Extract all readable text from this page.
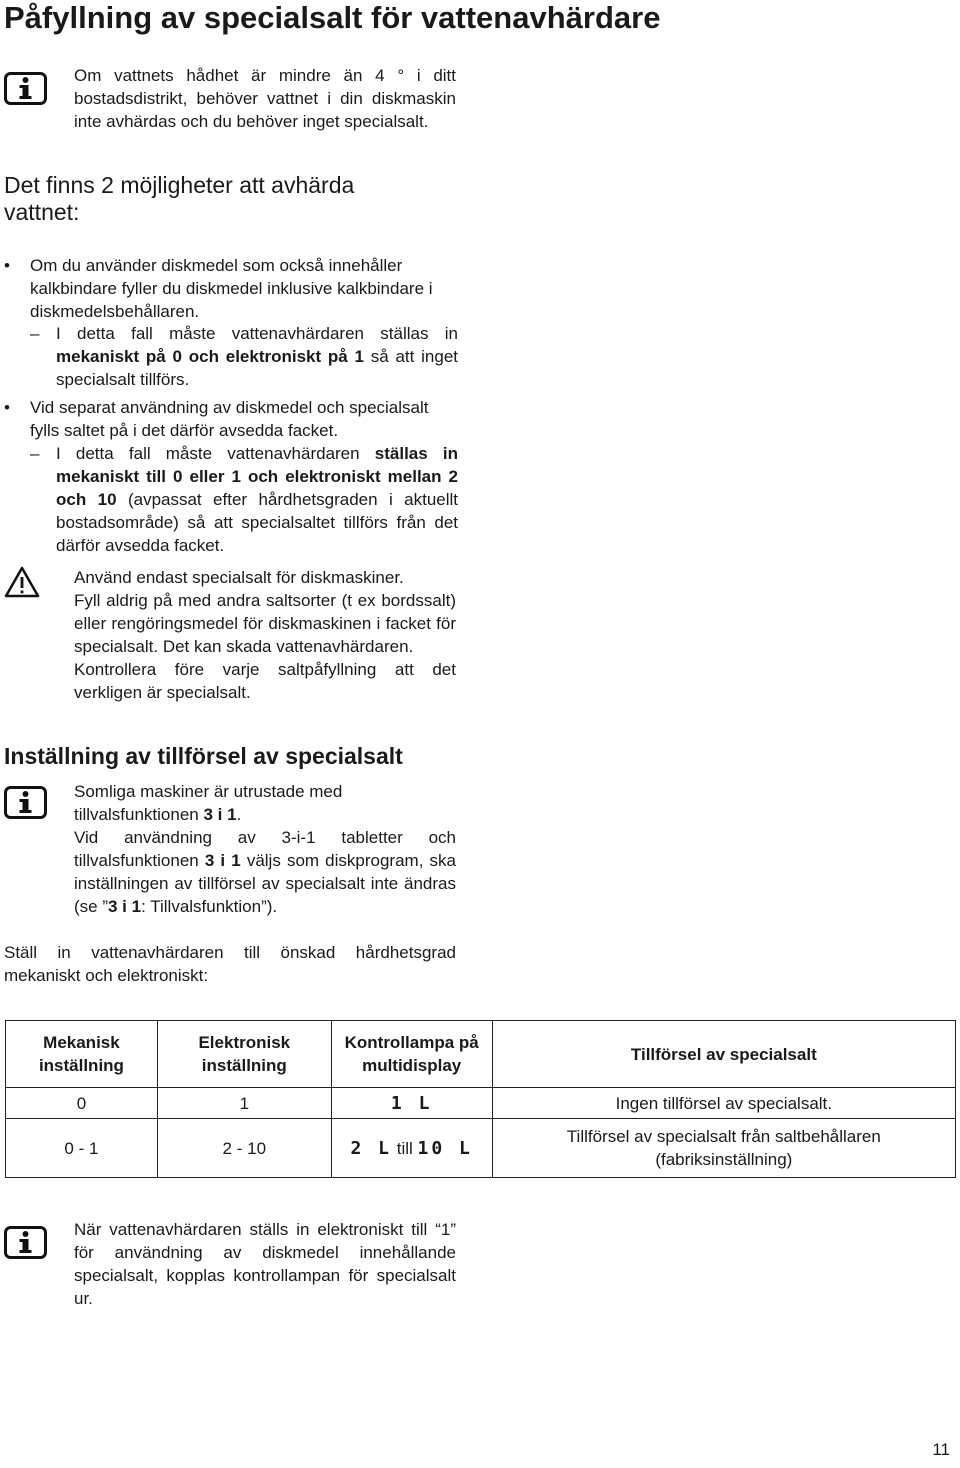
Påfyllning av specialsalt för vattenavhärdare

Om vattnets hådhet är mindre än 4 ° i ditt bostadsdistrikt, behöver vattnet i din diskmaskin inte avhärdas och du behöver inget specialsalt.

Det finns 2 möjligheter att avhärda vattnet:
• Om du använder diskmedel som också innehåller kalkbindare fyller du diskmedel inklusive kalkbindare i diskmedelsbehållaren.

– I detta fall måste vattenavhärdaren ställas in mekaniskt på 0 och elektroniskt på 1 så att inget specialsalt tillförs.

• Vid separat användning av diskmedel och specialsalt fylls saltet på i det därför avsedda facket.

– I detta fall måste vattenavhärdaren ställas in mekaniskt till 0 eller 1 och elektroniskt mellan 2 och 10 (avpassat efter hårdhetsgraden i aktuellt bostadsområde) så att specialsaltet tillförs från det därför avsedda facket.

Använd endast specialsalt för diskmaskiner.

Fyll aldrig på med andra saltsorter (t ex bordssalt) eller rengöringsmedel för diskmaskinen i facket för specialsalt. Det kan skada vattenavhärdaren.

Kontrollera före varje saltpåfyllning att det verkligen är specialsalt.

Inställning av tillförsel av specialsalt

Somliga maskiner är utrustade med tillvalsfunktionen 3 i 1.

Vid användning av 3-i-1 tabletter och tillvalsfunktionen 3 i 1 väljs som diskprogram, ska inställningen av tillförsel av specialsalt inte ändras (se ”3 i 1: Tillvalsfunktion”).

Ställ in vattenavhärdaren till önskad hårdhetsgrad mekaniskt och elektroniskt:

Mekanisk inställning	Elektronisk inställning	Kontrollampa på multidisplay	Tillförsel av specialsalt
0	1	1 L	Ingen tillförsel av specialsalt.
0 - 1	2 - 10	2 L till 10 L	Tillförsel av specialsalt från saltbehållaren (fabriksinställning)

När vattenavhärdaren ställs in elektroniskt till “1” för användning av diskmedel innehållande specialsalt, kopplas kontrollampan för specialsalt ur.

11
